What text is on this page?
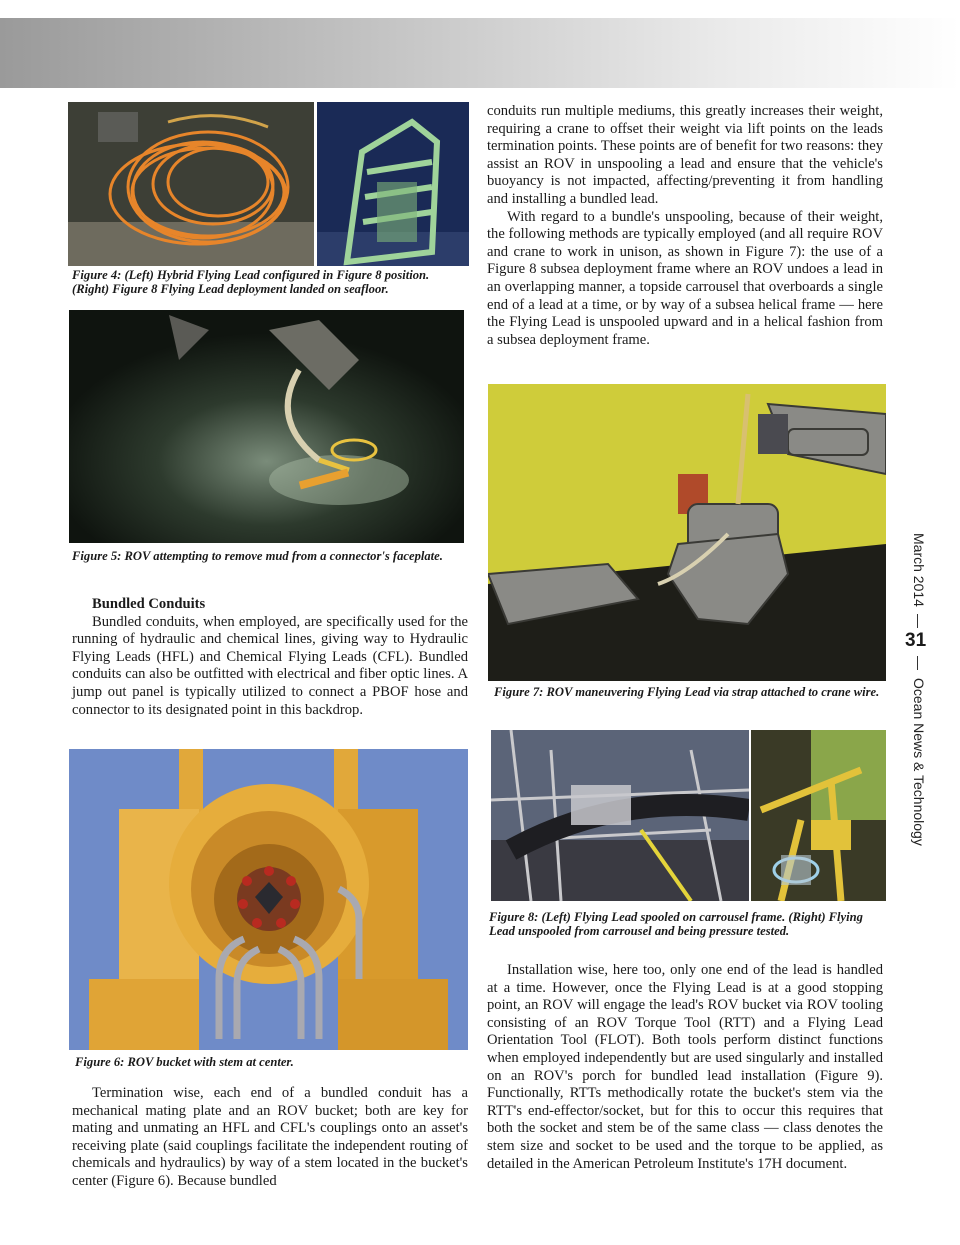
Figure 4: (Left) Hybrid Flying Lead configured in Figure 8 position. (Right) Figure 8 Flying Lead deployment landed on seafloor.

Figure 5: ROV attempting to remove mud from a connector's faceplate.

Bundled Conduits

Bundled conduits, when employed, are specifically used for the running of hydraulic and chemical lines, giving way to Hydraulic Flying Leads (HFL) and Chemical Flying Leads (CFL). Bundled conduits can also be outfitted with electrical and fiber optic lines. A jump out panel is typically utilized to connect a PBOF hose and connector to its designated point in this backdrop.

Figure 6: ROV bucket with stem at center.

Termination wise, each end of a bundled conduit has a mechanical mating plate and an ROV bucket; both are key for mating and unmating an HFL and CFL's couplings onto an asset's receiving plate (said couplings facilitate the independent routing of chemicals and hydraulics) by way of a stem located in the bucket's center (Figure 6). Because bundled

conduits run multiple mediums, this greatly increases their weight, requiring a crane to offset their weight via lift points on the leads termination points. These points are of benefit for two reasons: they assist an ROV in unspooling a lead and ensure that the vehicle's buoyancy is not impacted, affecting/preventing it from handling and installing a bundled lead.

With regard to a bundle's unspooling, because of their weight, the following methods are typically employed (and all require ROV and crane to work in unison, as shown in Figure 7): the use of a Figure 8 subsea deployment frame where an ROV undoes a lead in an overlapping manner, a topside carrousel that overboards a single end of a lead at a time, or by way of a subsea helical frame — here the Flying Lead is unspooled upward and in a helical fashion from a subsea deployment frame.

Figure 7: ROV maneuvering Flying Lead via strap attached to crane wire.

Figure 8: (Left) Flying Lead spooled on carrousel frame. (Right) Flying Lead unspooled from carrousel and being pressure tested.

Installation wise, here too, only one end of the lead is handled at a time. However, once the Flying Lead is at a good stopping point, an ROV will engage the lead's ROV bucket via ROV tooling consisting of an ROV Torque Tool (RTT) and a Flying Lead Orientation Tool (FLOT). Both tools perform distinct functions when employed independently but are used singularly and installed on an ROV's porch for bundled lead installation (Figure 9). Functionally, RTTs methodically rotate the bucket's stem via the RTT's end-effector/socket, but for this to occur this requires that both the socket and stem be of the same class — class denotes the stem size and socket to be used and the torque to be applied, as detailed in the American Petroleum Institute's 17H document.

March 2014
31
Ocean News & Technology
